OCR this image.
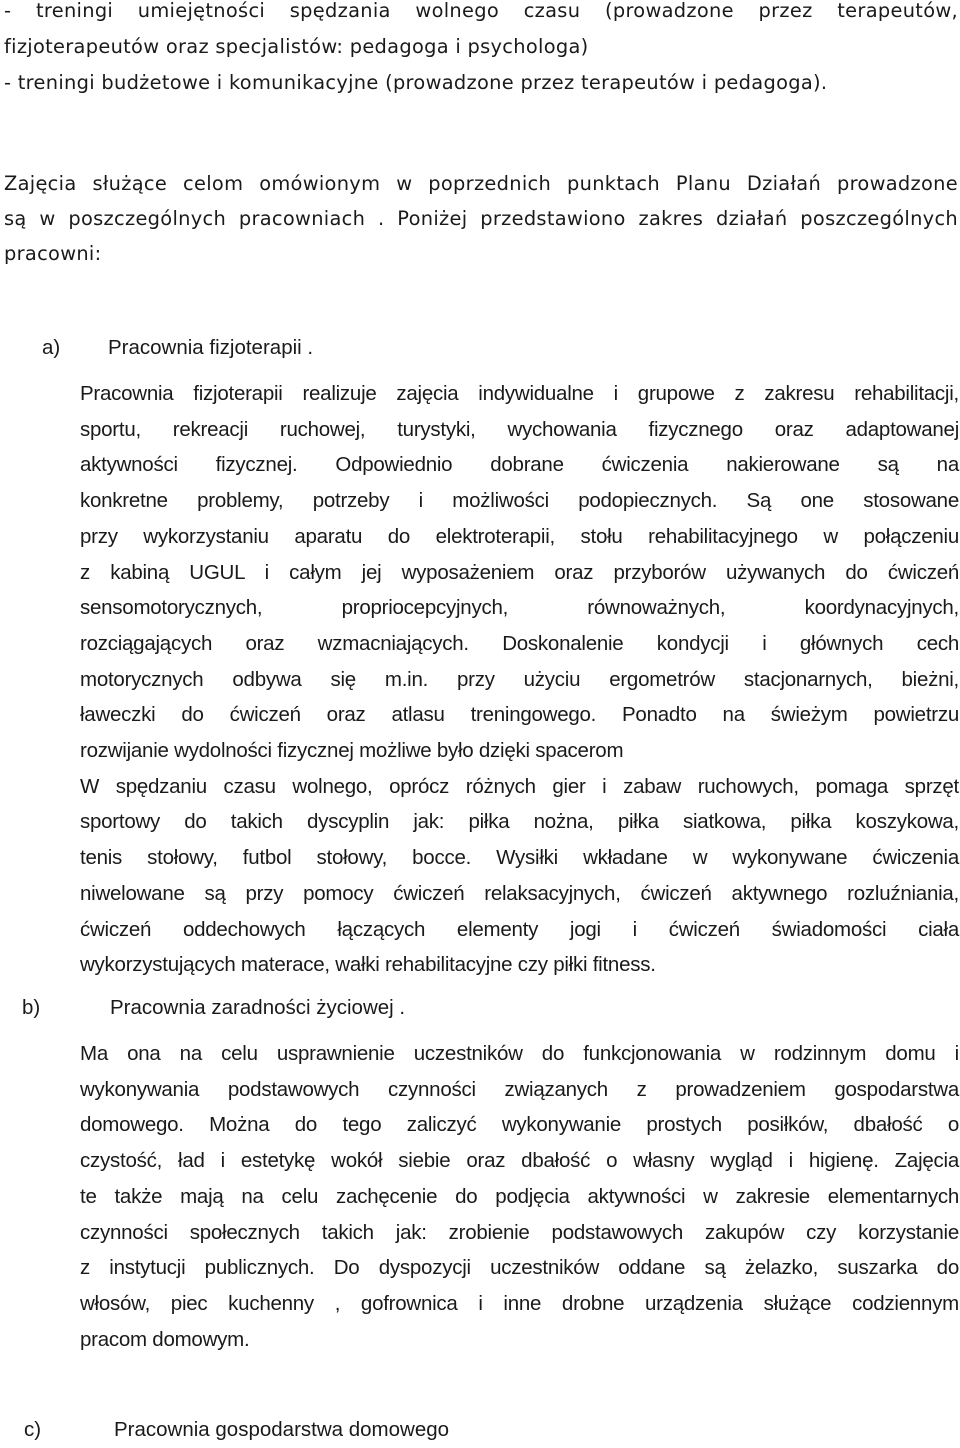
- treningi umiejętności spędzania wolnego czasu (prowadzone przez terapeutów,
fizjoterapeutów oraz specjalistów: pedagoga i psychologa)
- treningi budżetowe i komunikacyjne (prowadzone przez terapeutów i pedagoga).
Zajęcia służące celom omówionym w poprzednich punktach Planu Działań prowadzone
są w poszczególnych pracowniach . Poniżej przedstawiono zakres działań poszczególnych
pracowni:
a)	Pracownia fizjoterapii .
Pracownia fizjoterapii realizuje zajęcia indywidualne i grupowe z zakresu rehabilitacji,
sportu, rekreacji ruchowej, turystyki, wychowania fizycznego oraz adaptowanej
aktywności fizycznej. Odpowiednio dobrane ćwiczenia nakierowane są na
konkretne problemy, potrzeby i możliwości podopiecznych. Są one stosowane
przy wykorzystaniu aparatu do elektroterapii, stołu rehabilitacyjnego w połączeniu
z kabiną UGUL i całym jej wyposażeniem oraz przyborów używanych do ćwiczeń
sensomotorycznych, propriocepcyjnych, równoważnych, koordynacyjnych,
rozciągających oraz wzmacniających. Doskonalenie kondycji i głównych cech
motorycznych odbywa się m.in. przy użyciu ergometrów stacjonarnych, bieżni,
ławeczki do ćwiczeń oraz atlasu treningowego. Ponadto na świeżym powietrzu
rozwijanie wydolności fizycznej możliwe było dzięki spacerom
W spędzaniu czasu wolnego, oprócz różnych gier i zabaw ruchowych, pomaga sprzęt
sportowy do takich dyscyplin jak: piłka nożna, piłka siatkowa, piłka koszykowa,
tenis stołowy, futbol stołowy, bocce. Wysiłki wkładane w wykonywane ćwiczenia
niwelowane są przy pomocy ćwiczeń relaksacyjnych, ćwiczeń aktywnego rozluźniania,
ćwiczeń oddechowych łączących elementy jogi i ćwiczeń świadomości ciała
wykorzystujących materace, wałki rehabilitacyjne czy piłki fitness.
b)	Pracownia zaradności życiowej .
Ma ona na celu usprawnienie uczestników do funkcjonowania w rodzinnym domu i
wykonywania podstawowych czynności związanych z prowadzeniem gospodarstwa
domowego. Można do tego zaliczyć wykonywanie prostych posiłków, dbałość o
czystość, ład i estetykę wokół siebie oraz dbałość o własny wygląd i higienę. Zajęcia
te także mają na celu zachęcenie do podjęcia aktywności w zakresie elementarnych
czynności społecznych takich jak: zrobienie podstawowych zakupów czy korzystanie
z instytucji publicznych. Do dyspozycji uczestników oddane są żelazko, suszarka do
włosów, piec kuchenny , gofrownica i inne drobne urządzenia służące codziennym
pracom domowym.
c)	Pracownia gospodarstwa domowego
